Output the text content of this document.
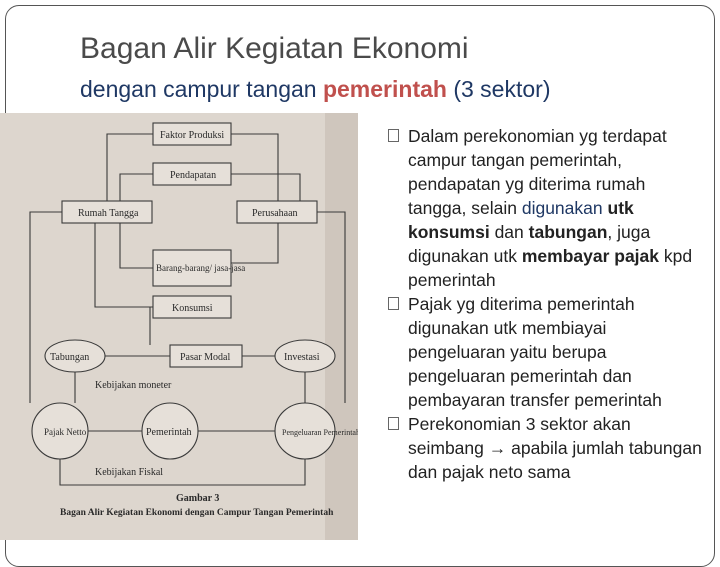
Bagan Alir Kegiatan Ekonomi
dengan campur tangan pemerintah (3 sektor)
Faktor Produksi
Pendapatan
Rumah Tangga	Perusahaan
Barang-barang/ jasa-jasa
Konsumsi
Tabungan	Pasar Modal	Investasi
Kebijakan moneter
Pajak Netto	Pemerintah	Pengeluaran Pemerintah
Kebijakan Fiskal
Gambar 3
Bagan Alir Kegiatan Ekonomi dengan Campur Tangan Pemerintah

Dalam perekonomian yg terdapat campur tangan pemerintah, pendapatan yg diterima rumah tangga, selain digunakan utk konsumsi dan tabungan, juga digunakan utk membayar pajak kpd pemerintah

Pajak yg diterima pemerintah digunakan utk membiayai pengeluaran yaitu berupa pengeluaran pemerintah dan pembayaran transfer pemerintah

Perekonomian 3 sektor akan seimbang → apabila jumlah tabungan dan pajak neto sama
